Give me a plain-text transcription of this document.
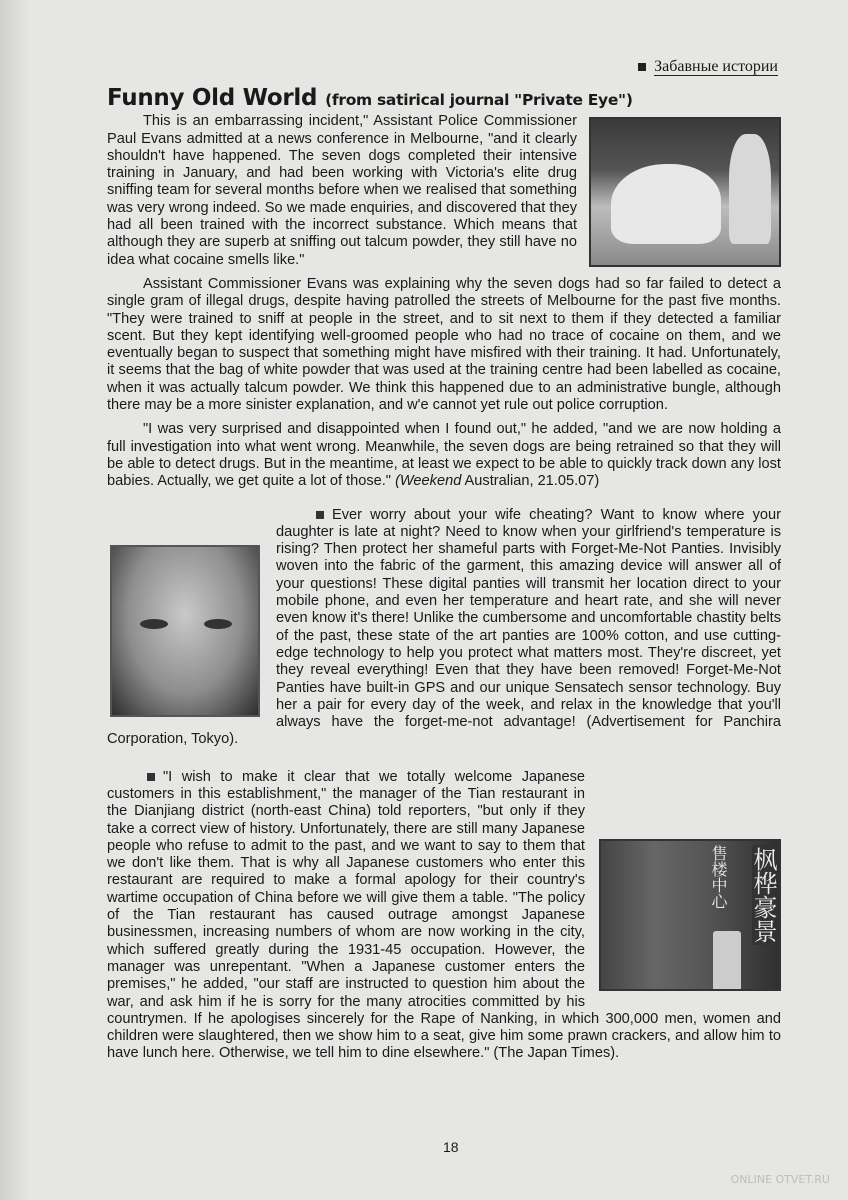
Забавные истории
Funny Old World (from satirical journal "Private Eye")

This is an embarrassing incident," Assistant Police Commissioner Paul Evans admitted at a news conference in Melbourne, "and it clearly shouldn't have happened. The seven dogs completed their intensive training in January, and had been working with Victoria's elite drug sniffing team for several months before when we realised that something was very wrong indeed. So we made enquiries, and discovered that they had all been trained with the incorrect substance. Which means that although they are superb at sniffing out talcum powder, they still have no idea what cocaine smells like."

Assistant Commissioner Evans was explaining why the seven dogs had so far failed to detect a single gram of illegal drugs, despite having patrolled the streets of Melbourne for the past five months. "They were trained to sniff at people in the street, and to sit next to them if they detected a familiar scent. But they kept identifying well-groomed people who had no trace of cocaine on them, and we eventually began to suspect that something might have misfired with their training. It had. Unfortunately, it seems that the bag of white powder that was used at the training centre had been labelled as cocaine, when it was actually talcum powder. We think this happened due to an administrative bungle, although there may be a more sinister explanation, and w'e cannot yet rule out police corruption.

"I was very surprised and disappointed when I found out," he added, "and we are now holding a full investigation into what went wrong. Meanwhile, the seven dogs are being retrained so that they will be able to detect drugs. But in the meantime, at least we expect to be able to quickly track down any lost babies. Actually, we get quite a lot of those." (Weekend Australian, 21.05.07)

Ever worry about your wife cheating? Want to know where your daughter is late at night? Need to know when your girlfriend's temperature is rising? Then protect her shameful parts with Forget-Me-Not Panties. Invisibly woven into the fabric of the garment, this amazing device will answer all of your questions! These digital panties will transmit her location direct to your mobile phone, and even her temperature and heart rate, and she will never even know it's there! Unlike the cumbersome and uncomfortable chastity belts of the past, these state of the art panties are 100% cotton, and use cutting-edge technology to help you protect what matters most. They're discreet, yet they reveal everything! Even that they have been removed! Forget-Me-Not Panties have built-in GPS and our unique Sensatech sensor technology. Buy her a pair for every day of the week, and relax in the knowledge that you'll always have the forget-me-not advantage! (Advertisement for Panchira Corporation, Tokyo).

枫桦豪景
售楼中心
"I wish to make it clear that we totally welcome Japanese customers in this establishment," the manager of the Tian restaurant in the Dianjiang district (north-east China) told reporters, "but only if they take a correct view of history. Unfortunately, there are still many Japanese people who refuse to admit to the past, and we want to say to them that we don't like them. That is why all Japanese customers who enter this restaurant are required to make a formal apology for their country's wartime occupation of China before we will give them a table. "The policy of the Tian restaurant has caused outrage amongst Japanese businessmen, increasing numbers of whom are now working in the city, which suffered greatly during the 1931-45 occupation. However, the manager was unrepentant. "When a Japanese customer enters the premises," he added, "our staff are instructed to question him about the war, and ask him if he is sorry for the many atrocities committed by his countrymen. If he apologises sincerely for the Rape of Nanking, in which 300,000 men, women and children were slaughtered, then we show him to a seat, give him some prawn crackers, and allow him to have lunch here. Otherwise, we tell him to dine elsewhere." (The Japan Times).

18
ONLINE OTVET.RU
